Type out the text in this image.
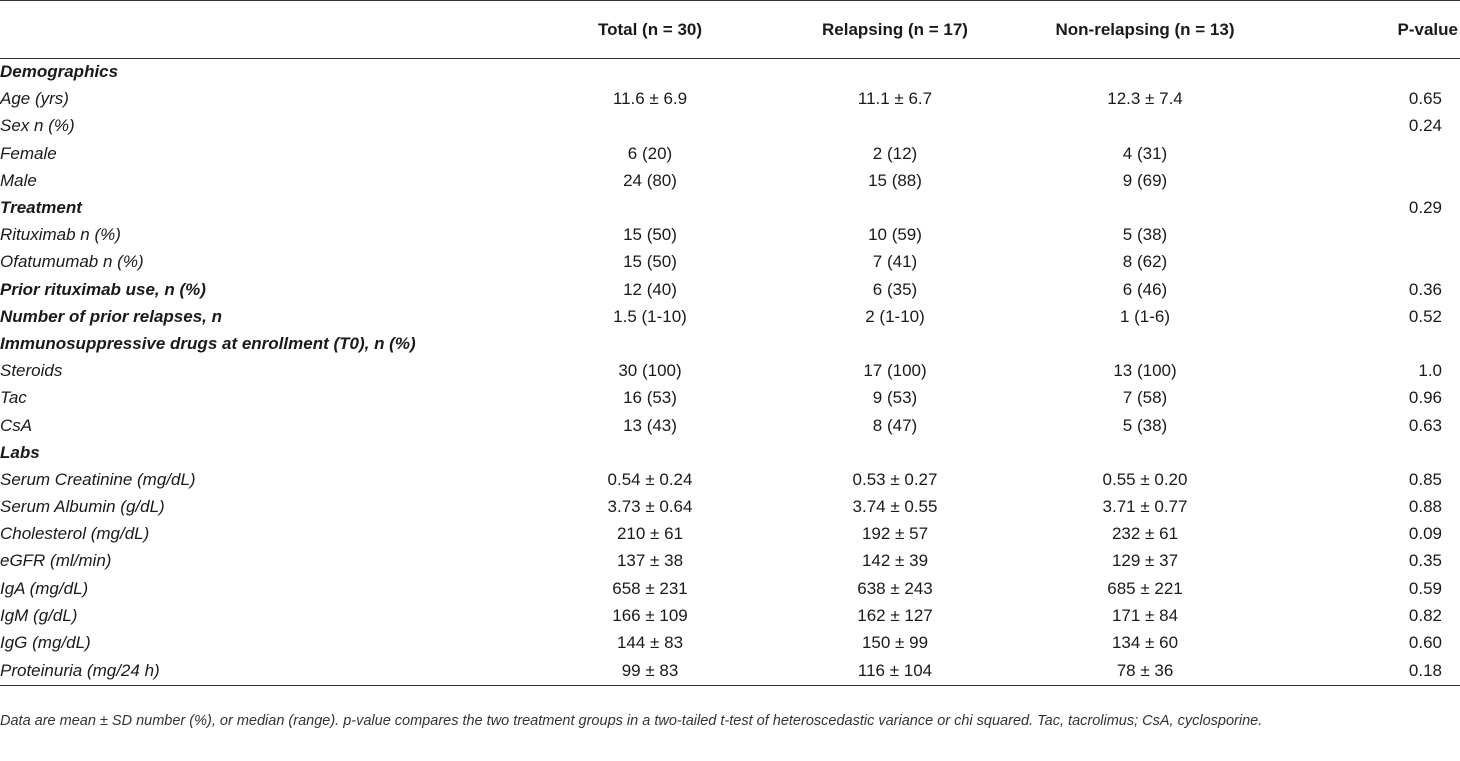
	Total (n = 30)	Relapsing (n = 17)	Non-relapsing (n = 13)	P-value
Demographics				
Age (yrs)	11.6 ± 6.9	11.1 ± 6.7	12.3 ± 7.4	0.65
Sex n (%)				0.24
Female	6 (20)	2 (12)	4 (31)	
Male	24 (80)	15 (88)	9 (69)	
Treatment				0.29
Rituximab n (%)	15 (50)	10 (59)	5 (38)	
Ofatumumab n (%)	15 (50)	7 (41)	8 (62)	
Prior rituximab use, n (%)	12 (40)	6 (35)	6 (46)	0.36
Number of prior relapses, n	1.5 (1-10)	2 (1-10)	1 (1-6)	0.52
Immunosuppressive drugs at enrollment (T0), n (%)				
Steroids	30 (100)	17 (100)	13 (100)	1.0
Tac	16 (53)	9 (53)	7 (58)	0.96
CsA	13 (43)	8 (47)	5 (38)	0.63
Labs				
Serum Creatinine (mg/dL)	0.54 ± 0.24	0.53 ± 0.27	0.55 ± 0.20	0.85
Serum Albumin (g/dL)	3.73 ± 0.64	3.74 ± 0.55	3.71 ± 0.77	0.88
Cholesterol (mg/dL)	210 ± 61	192 ± 57	232 ± 61	0.09
eGFR (ml/min)	137 ± 38	142 ± 39	129 ± 37	0.35
IgA (mg/dL)	658 ± 231	638 ± 243	685 ± 221	0.59
IgM (g/dL)	166 ± 109	162 ± 127	171 ± 84	0.82
IgG (mg/dL)	144 ± 83	150 ± 99	134 ± 60	0.60
Proteinuria (mg/24 h)	99 ± 83	116 ± 104	78 ± 36	0.18
Data are mean ± SD number (%), or median (range). p-value compares the two treatment groups in a two-tailed t-test of heteroscedastic variance or chi squared. Tac, tacrolimus; CsA, cyclosporine.
